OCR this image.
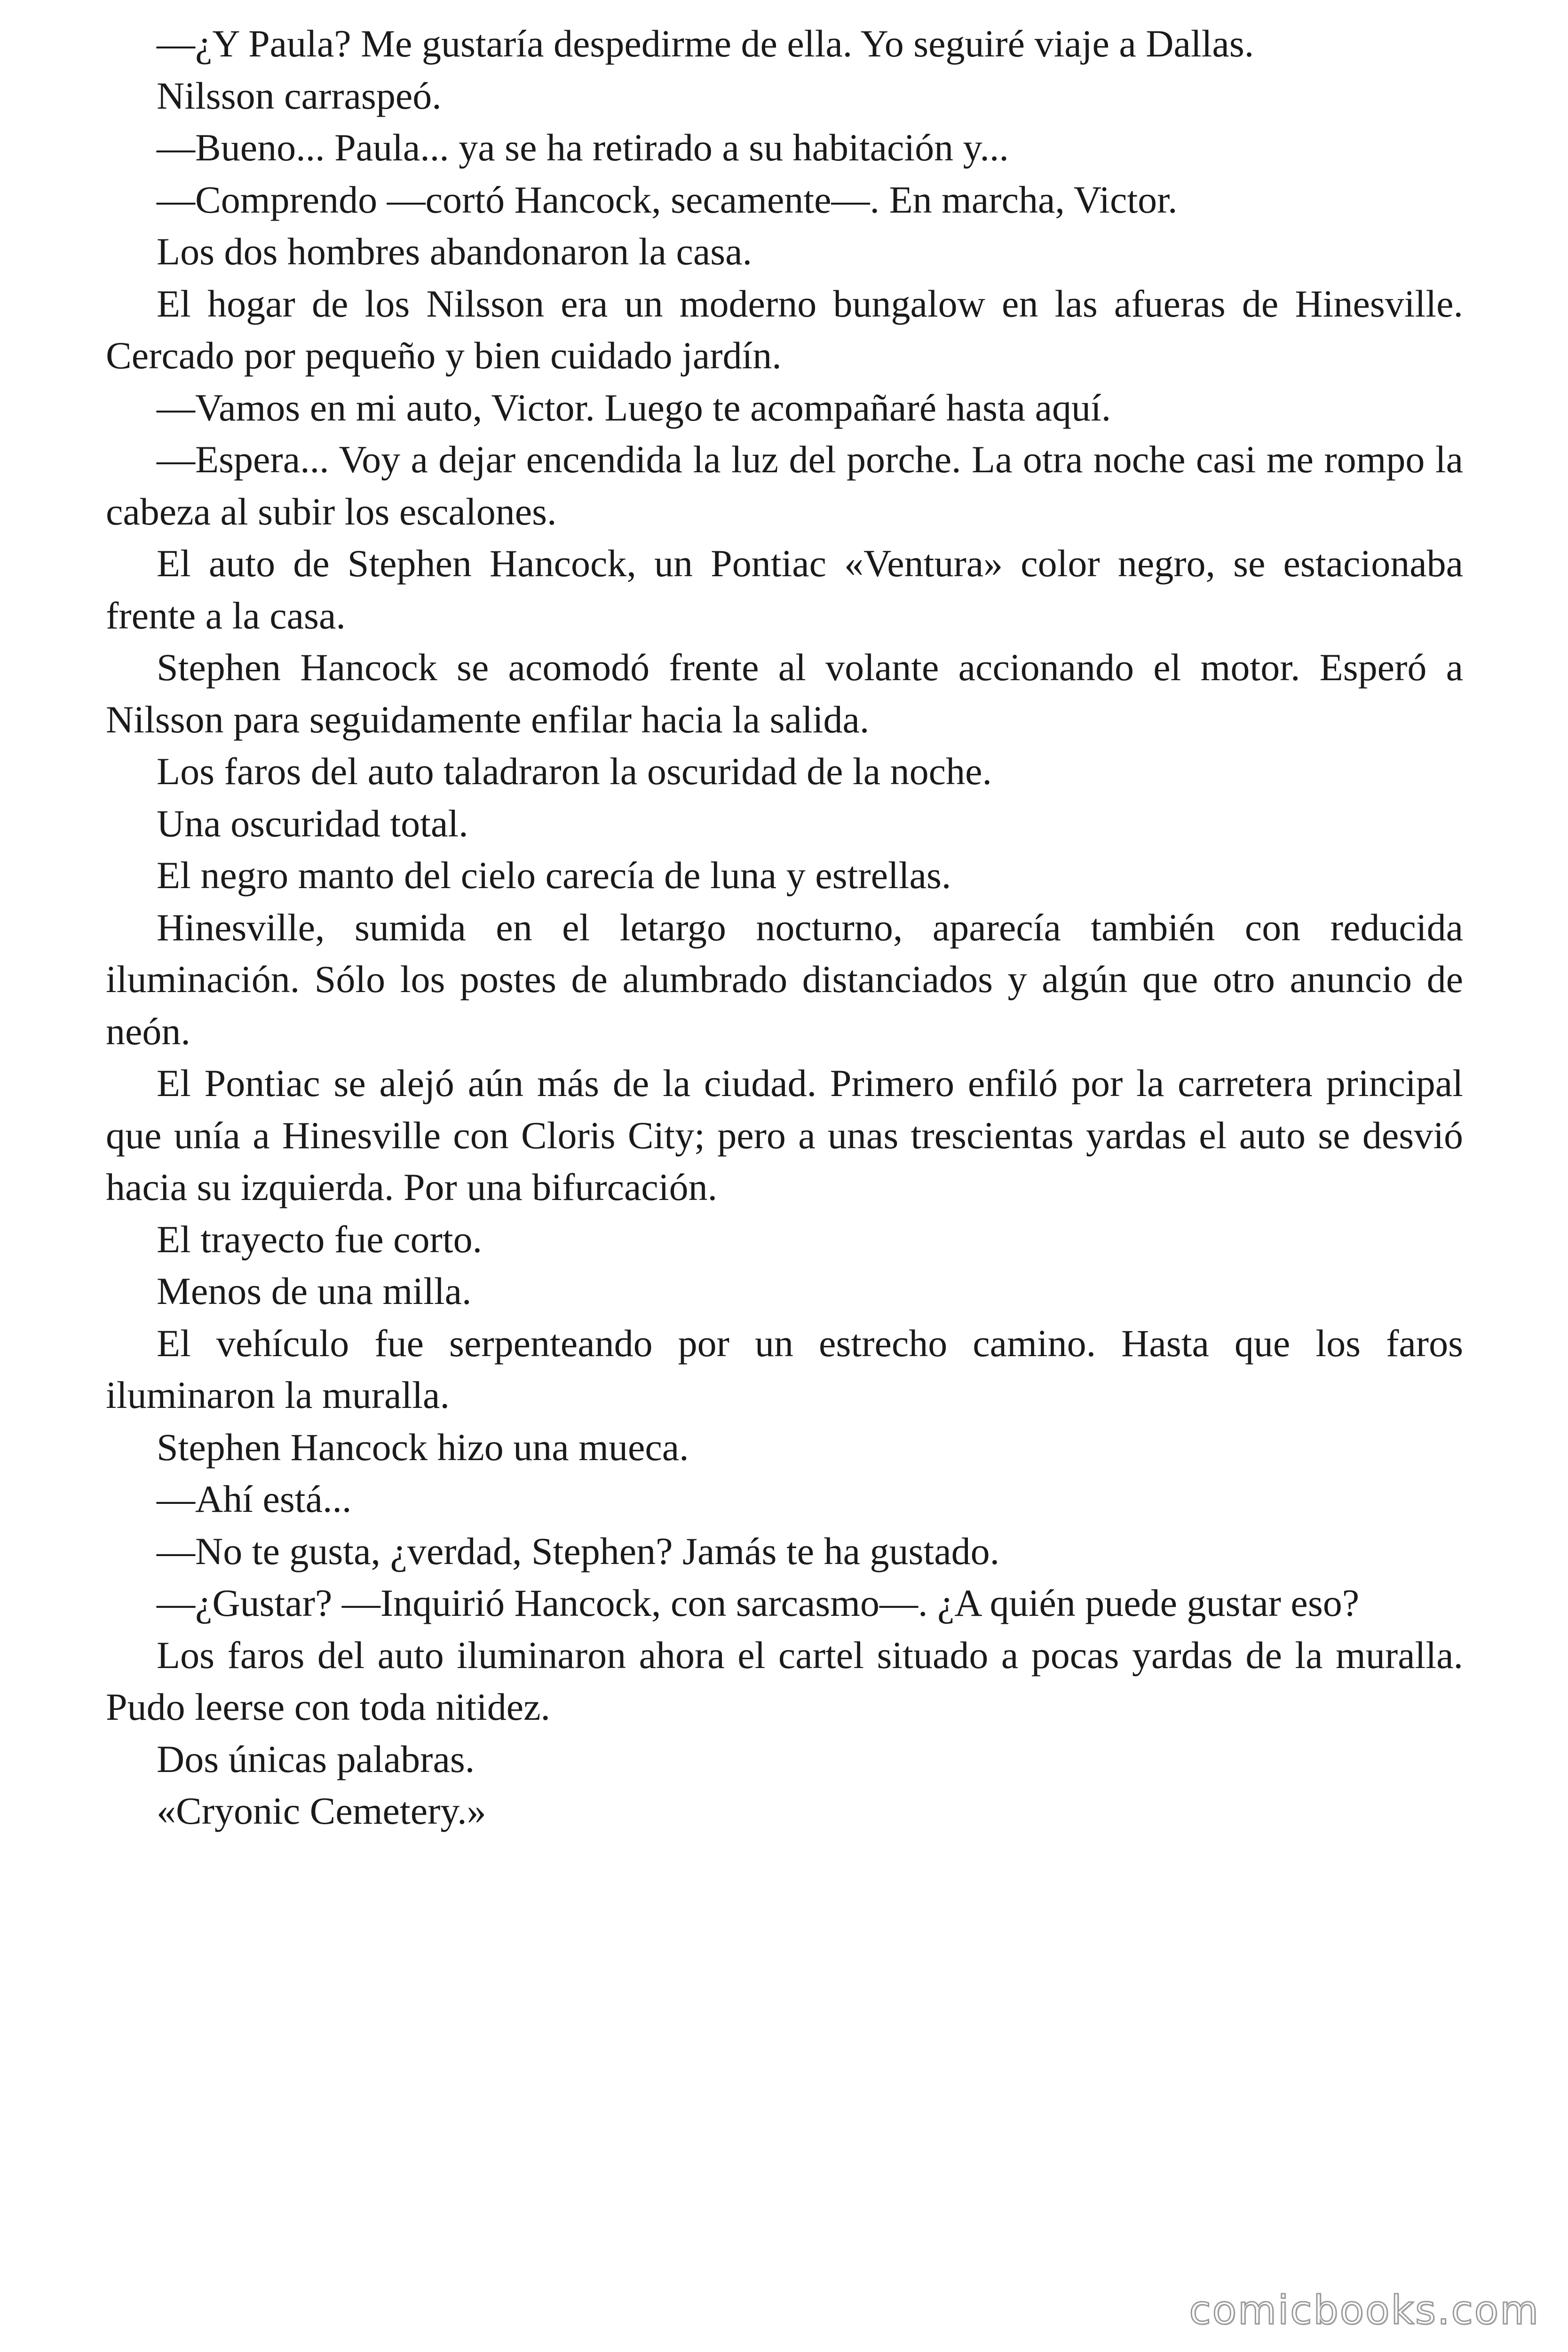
—¿Y Paula? Me gustaría despedirme de ella. Yo seguiré viaje a Dallas.

Nilsson carraspeó.

—Bueno... Paula... ya se ha retirado a su habitación y...

—Comprendo —cortó Hancock, secamente—. En marcha, Victor.

Los dos hombres abandonaron la casa.

El hogar de los Nilsson era un moderno bungalow en las afueras de Hinesville. Cercado por pequeño y bien cuidado jardín.

—Vamos en mi auto, Victor. Luego te acompañaré hasta aquí.

—Espera... Voy a dejar encendida la luz del porche. La otra noche casi me rompo la cabeza al subir los escalones.

El auto de Stephen Hancock, un Pontiac «Ventura» color negro, se estacionaba frente a la casa.

Stephen Hancock se acomodó frente al volante accionando el motor. Esperó a Nilsson para seguidamente enfilar hacia la salida.

Los faros del auto taladraron la oscuridad de la noche.

Una oscuridad total.

El negro manto del cielo carecía de luna y estrellas.

Hinesville, sumida en el letargo nocturno, aparecía también con reducida iluminación. Sólo los postes de alumbrado distanciados y algún que otro anuncio de neón.

El Pontiac se alejó aún más de la ciudad. Primero enfiló por la carretera principal que unía a Hinesville con Cloris City; pero a unas trescientas yardas el auto se desvió hacia su izquierda. Por una bifurcación.

El trayecto fue corto.

Menos de una milla.

El vehículo fue serpenteando por un estrecho camino. Hasta que los faros iluminaron la muralla.

Stephen Hancock hizo una mueca.

—Ahí está...

—No te gusta, ¿verdad, Stephen? Jamás te ha gustado.

—¿Gustar? —Inquirió Hancock, con sarcasmo—. ¿A quién puede gustar eso?

Los faros del auto iluminaron ahora el cartel situado a pocas yardas de la muralla. Pudo leerse con toda nitidez.

Dos únicas palabras.

«Cryonic Cemetery.»

comicbooks.com
